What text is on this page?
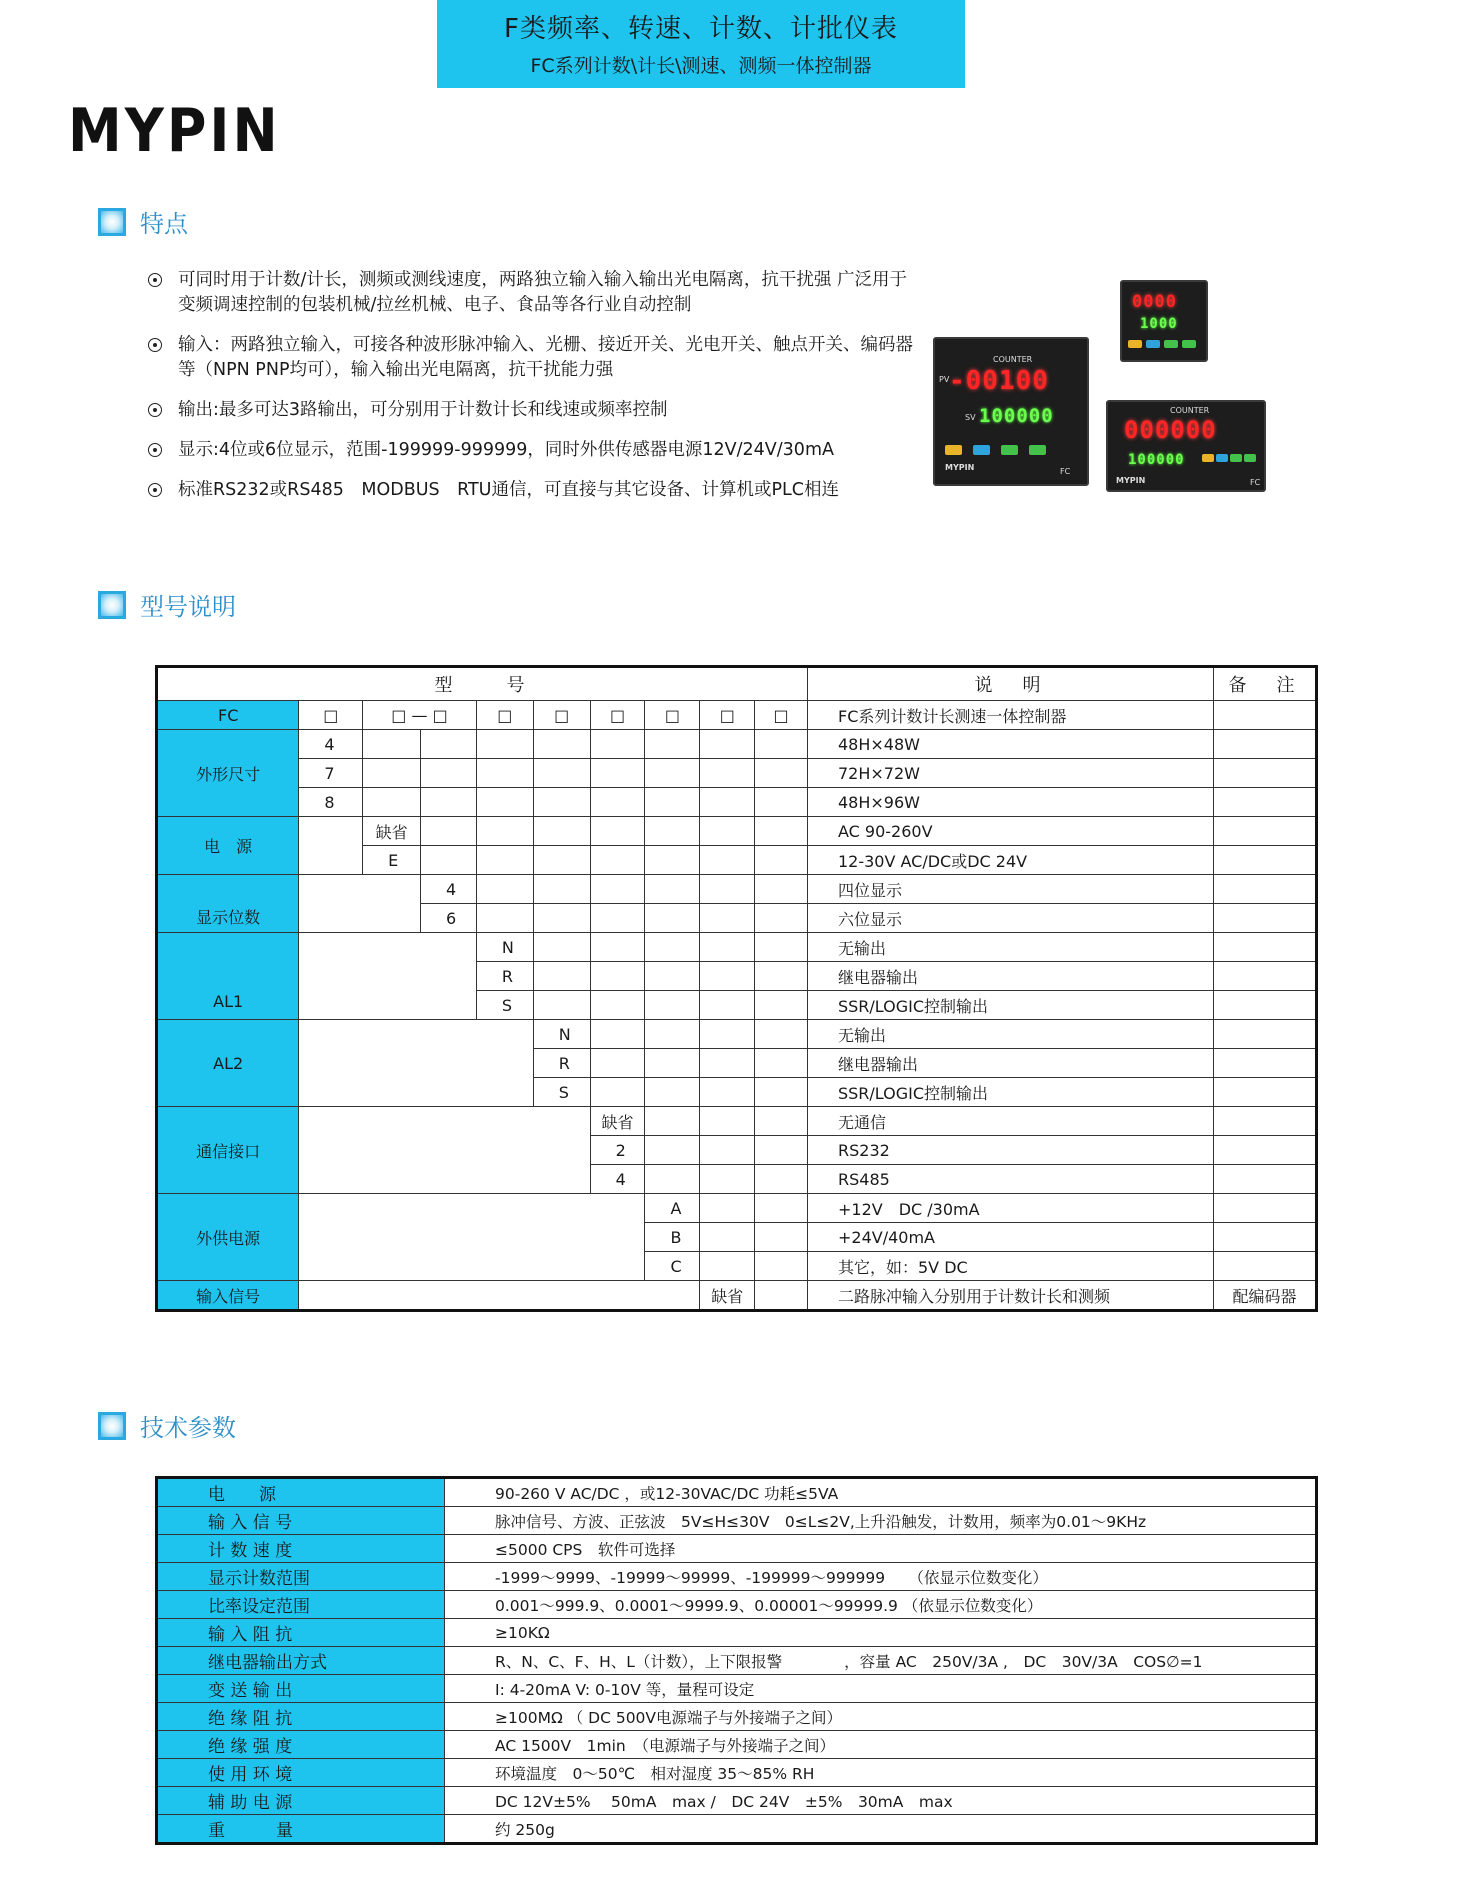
F类频率、转速、计数、计批仪表
FC系列计数\计长\测速、测频一体控制器
MYPIN
特点
可同时用于计数/计长，测频或测线速度，两路独立输入输入输出光电隔离，抗干扰强 广泛用于变频调速控制的包装机械/拉丝机械、电子、食品等各行业自动控制
输入：两路独立输入，可接各种波形脉冲输入、光栅、接近开关、光电开关、触点开关、编码器等（NPN PNP均可），输入输出光电隔离，抗干扰能力强
输出:最多可达3路输出，可分别用于计数计长和线速或频率控制
显示:4位或6位显示，范围-199999-999999，同时外供传感器电源12V/24V/30mA
标准RS232或RS485　MODBUS　RTU通信，可直接与其它设备、计算机或PLC相连
COUNTER
PV -00100
SV 100000
MYPIN	FC
0000
1000
COUNTER
000000
100000
MYPIN	FC
型号说明
型　　号										说　明	备　注
FC	□	□ — □		□	□	□	□	□	□	FC系列计数计长测速一体控制器	
外形尺寸	4									48H×48W	
	7									72H×72W	
	8									48H×96W	
电　源		缺省								AC 90-260V	
		E								12-30V AC/DC或DC 24V	
显示位数			4							四位显示	
			6							六位显示	
AL1				N						无输出	
				R						继电器输出	
				S						SSR/LOGIC控制输出	
AL2					N					无输出	
					R					继电器输出	
					S					SSR/LOGIC控制输出	
通信接口						缺省				无通信	
						2				RS232	
						4				RS485	
外供电源							A			+12V　DC /30mA	
							B			+24V/40mA	
							C			其它，如：5V DC	
输入信号								缺省		二路脉冲输入分别用于计数计长和测频	配编码器
技术参数
电　　源	90-260 V AC/DC ，或12-30VAC/DC 功耗≤5VA
输 入 信 号	脉冲信号、方波、正弦波　5V≤H≤30V　0≤L≤2V,上升沿触发，计数用，频率为0.01～9KHz
计 数 速 度	≤5000 CPS　软件可选择
显示计数范围	-1999～9999、-19999～99999、-199999～999999　　（依显示位数变化）
比率设定范围	0.001～999.9、0.0001～9999.9、0.00001～99999.9 （依显示位数变化）
输 入 阻 抗	≥10KΩ
继电器输出方式	R、N、C、F、H、L（计数），上下限报警　　　　，容量 AC　250V/3A ,　DC　30V/3A　COS∅=1
变 送 输 出	I: 4-20mA V: 0-10V 等，量程可设定
绝 缘 阻 抗	≥100MΩ （ DC 500V电源端子与外接端子之间）
绝 缘 强 度	AC 1500V　1min　（电源端子与外接端子之间）
使 用 环 境	环境温度　0～50℃　相对湿度 35～85% RH
辅 助 电 源	DC 12V±5%　 50mA　max /　DC 24V　±5%　30mA　max
重　　　量	约 250g
